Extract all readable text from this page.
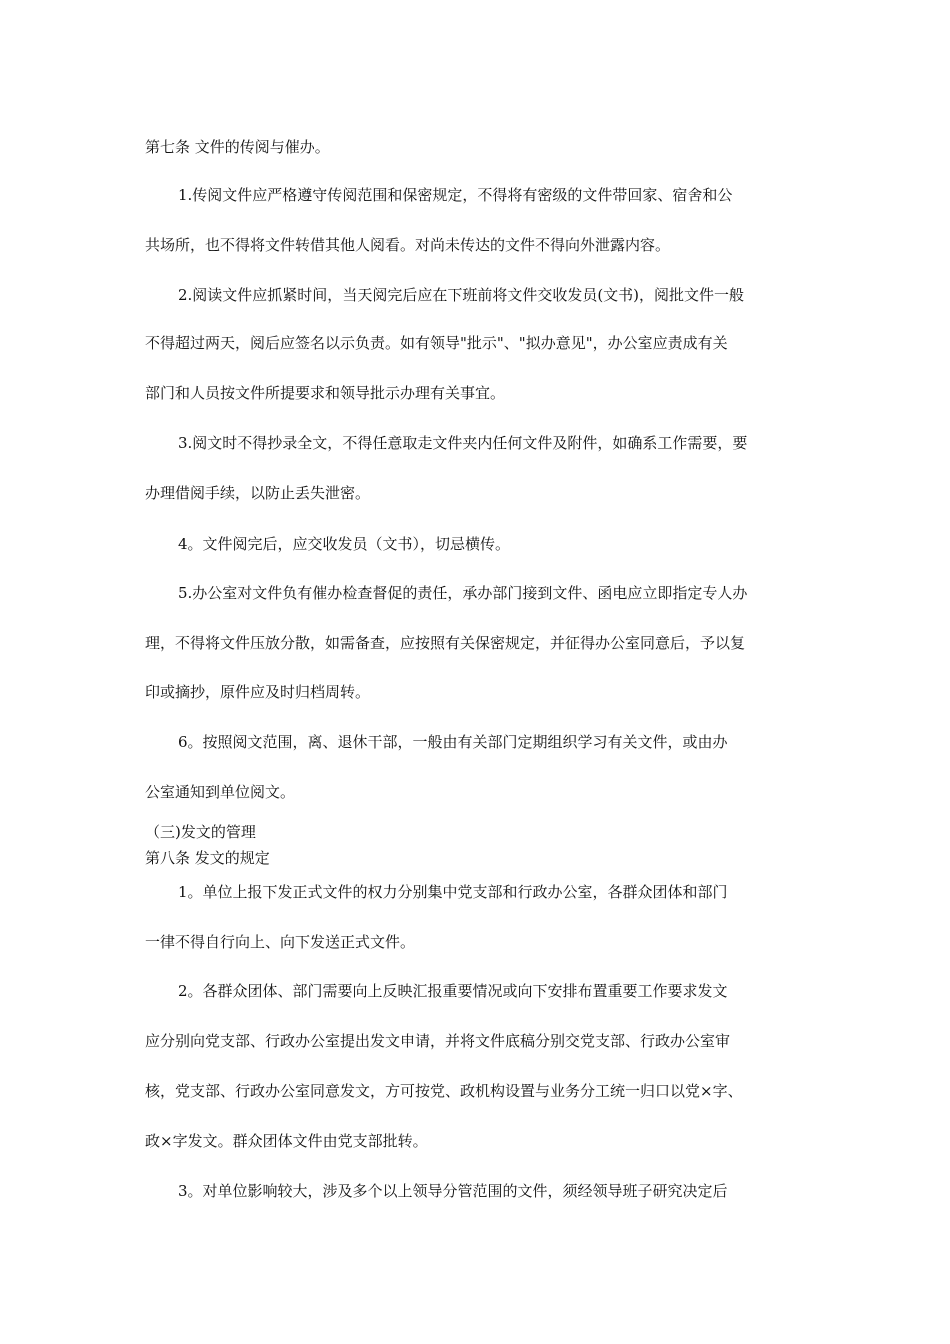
第七条 文件的传阅与催办。
1.传阅文件应严格遵守传阅范围和保密规定，不得将有密级的文件带回家、宿舍和公
共场所，也不得将文件转借其他人阅看。对尚未传达的文件不得向外泄露内容。
2.阅读文件应抓紧时间，当天阅完后应在下班前将文件交收发员(文书)，阅批文件一般
不得超过两天，阅后应签名以示负责。如有领导"批示"、"拟办意见"，办公室应责成有关
部门和人员按文件所提要求和领导批示办理有关事宜。
3.阅文时不得抄录全文，不得任意取走文件夹内任何文件及附件，如确系工作需要，要
办理借阅手续，以防止丢失泄密。
4。文件阅完后，应交收发员（文书），切忌横传。
5.办公室对文件负有催办检查督促的责任，承办部门接到文件、函电应立即指定专人办
理，不得将文件压放分散，如需备查，应按照有关保密规定，并征得办公室同意后，予以复
印或摘抄，原件应及时归档周转。
6。按照阅文范围，离、退休干部，一般由有关部门定期组织学习有关文件，或由办
公室通知到单位阅文。
（三)发文的管理
第八条 发文的规定
1。单位上报下发正式文件的权力分别集中党支部和行政办公室，各群众团体和部门
一律不得自行向上、向下发送正式文件。
2。各群众团体、部门需要向上反映汇报重要情况或向下安排布置重要工作要求发文
应分别向党支部、行政办公室提出发文申请，并将文件底稿分别交党支部、行政办公室审
核，党支部、行政办公室同意发文，方可按党、政机构设置与业务分工统一归口以党×字、
政×字发文。群众团体文件由党支部批转。
3。对单位影响较大，涉及多个以上领导分管范围的文件，须经领导班子研究决定后
